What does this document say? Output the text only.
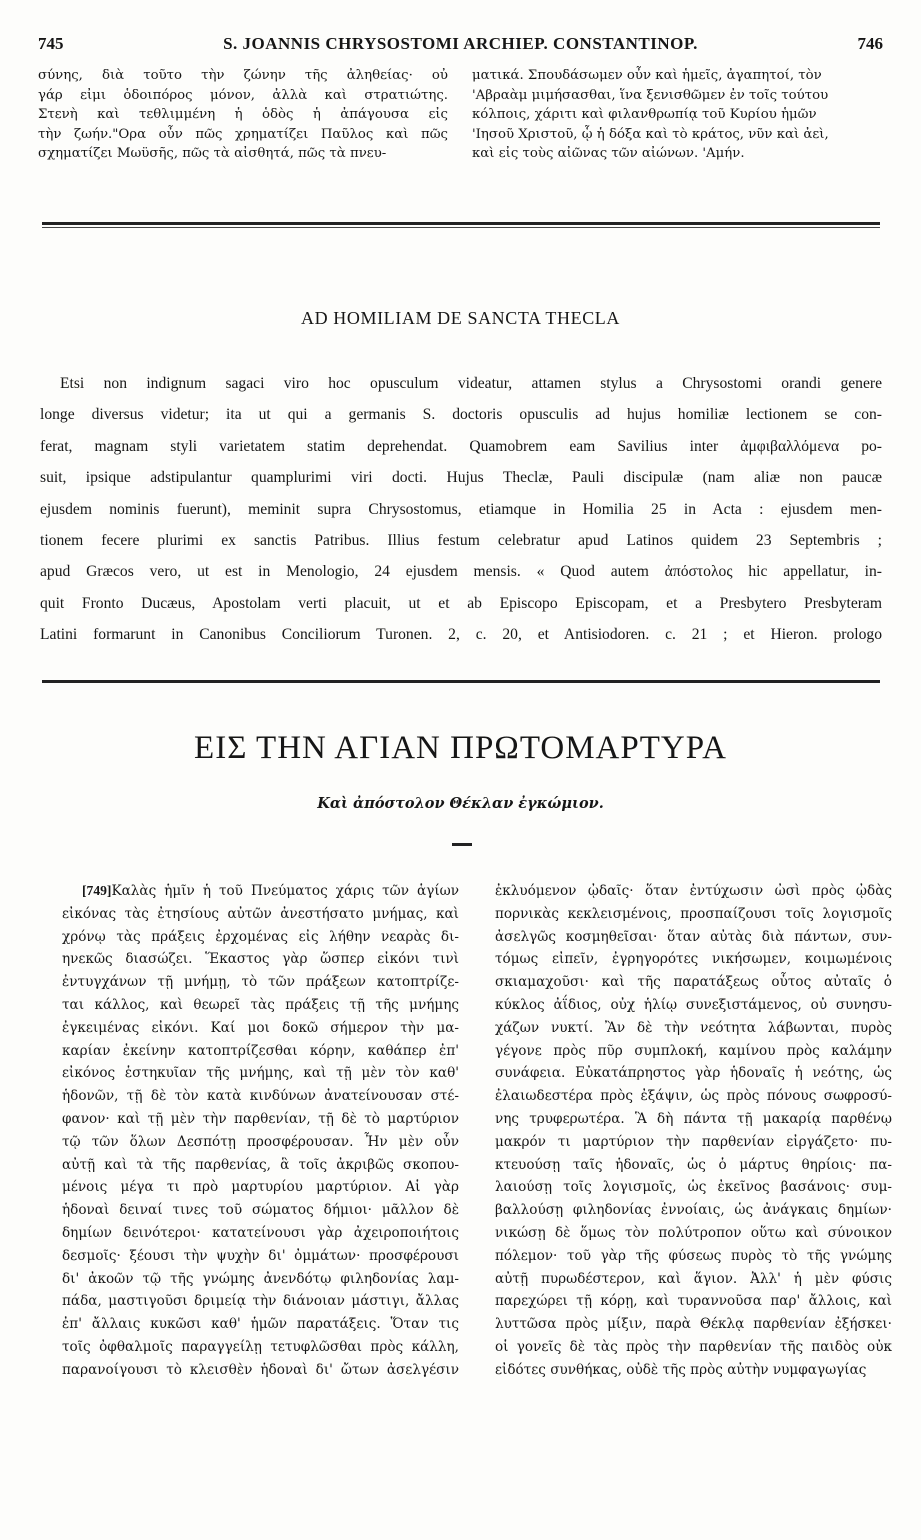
745	S. JOANNIS CHRYSOSTOMI ARCHIEP. CONSTANTINOP.	746
σύνης, διὰ τοῦτο τὴν ζώνην τῆς ἀληθείας· οὐ
γάρ εἰμι ὁδοιπόρος μόνον, ἀλλὰ καὶ στρατιώτης.
Στενὴ καὶ τεθλιμμένη ἡ ὁδὸς ἡ ἀπάγουσα εἰς
τὴν ζωήν."Ορα οὖν πῶς χρηματίζει Παῦλος καὶ πῶς
σχηματίζει Μωϋσῆς, πῶς τὰ αἰσθητά, πῶς τὰ πνευ-
ματικά. Σπουδάσωμεν οὖν καὶ ἡμεῖς, ἀγαπητοί, τὸν
'Αβραὰμ μιμήσασθαι, ἵνα ξενισθῶμεν ἐν τοῖς τούτου
κόλποις, χάριτι καὶ φιλανθρωπίᾳ τοῦ Κυρίου ἡμῶν
'Ιησοῦ Χριστοῦ, ᾧ ἡ δόξα καὶ τὸ κράτος, νῦν καὶ ἀεὶ,
καὶ εἰς τοὺς αἰῶνας τῶν αἰώνων. 'Αμήν.
AD HOMILIAM DE SANCTA THECLA
Etsi non indignum sagaci viro hoc opusculum videatur, attamen stylus a Chrysostomi orandi genere
longe diversus videtur; ita ut qui a germanis S. doctoris opusculis ad hujus homiliæ lectionem se con-
ferat, magnam styli varietatem statim deprehendat. Quamobrem eam Savilius inter ἀμφιβαλλόμενα po-
suit, ipsique adstipulantur quamplurimi viri docti. Hujus Theclæ, Pauli discipulæ (nam aliæ non paucæ
ejusdem nominis fuerunt), meminit supra Chrysostomus, etiamque in Homilia 25 in Acta : ejusdem men-
tionem fecere plurimi ex sanctis Patribus. Illius festum celebratur apud Latinos quidem 23 Septembris ;
apud Græcos vero, ut est in Menologio, 24 ejusdem mensis. « Quod autem ἀπόστολος hic appellatur, in-
quit Fronto Ducæus, Apostolam verti placuit, ut et ab Episcopo Episcopam, et a Presbytero Presbyteram
Latini formarunt in Canonibus Conciliorum Turonen. 2, c. 20, et Antisiodoren. c. 21 ; et Hieron. prologo
ΕΙΣ ΤΗΝ ΑΓΙΑΝ ΠΡΩΤΟΜΑΡΤΥΡΑ
Καὶ ἀπόστολον Θέκλαν ἐγκώμιον.
[749]Καλὰς ἡμῖν ἡ τοῦ Πνεύματος χάρις τῶν ἁγίων
εἰκόνας τὰς ἐτησίους αὐτῶν ἀνεστήσατο μνήμας, καὶ
χρόνῳ τὰς πράξεις ἐρχομένας εἰς λήθην νεαρὰς δι-
ηνεκῶς διασώζει. Ἕκαστος γὰρ ὥσπερ εἰκόνι τινὶ
ἐντυγχάνων τῇ μνήμῃ, τὸ τῶν πράξεων κατοπτρίζε-
ται κάλλος, καὶ θεωρεῖ τὰς πράξεις τῇ τῆς μνήμης
ἐγκειμένας εἰκόνι. Καί μοι δοκῶ σήμερον τὴν μα-
καρίαν ἐκείνην κατοπτρίζεσθαι κόρην, καθάπερ ἐπ'
εἰκόνος ἑστηκυῖαν τῆς μνήμης, καὶ τῇ μὲν τὸν καθ'
ἡδονῶν, τῇ δὲ τὸν κατὰ κινδύνων ἀνατείνουσαν στέ-
φανον· καὶ τῇ μὲν τὴν παρθενίαν, τῇ δὲ τὸ μαρτύριον
τῷ τῶν ὅλων Δεσπότῃ προσφέρουσαν. Ἦν μὲν οὖν
αὐτῇ καὶ τὰ τῆς παρθενίας, ἃ τοῖς ἀκριβῶς σκοπου-
μένοις μέγα τι πρὸ μαρτυρίου μαρτύριον. Αἱ γὰρ
ἡδοναὶ δειναί τινες τοῦ σώματος δήμιοι· μᾶλλον δὲ
δημίων δεινότεροι· κατατείνουσι γὰρ ἀχειροποιήτοις
δεσμοῖς· ξέουσι τὴν ψυχὴν δι' ὀμμάτων· προσφέρουσι
δι' ἀκοῶν τῷ τῆς γνώμης ἀνενδότῳ φιληδονίας λαμ-
πάδα, μαστιγοῦσι δριμείᾳ τὴν διάνοιαν μάστιγι, ἄλλας
ἐπ' ἄλλαις κυκῶσι καθ' ἡμῶν παρατάξεις. Ὅταν τις
τοῖς ὀφθαλμοῖς παραγγείλῃ τετυφλῶσθαι πρὸς κάλλη,
παρανοίγουσι τὸ κλεισθὲν ἡδοναὶ δι' ὤτων ἀσελγέσιν
ἐκλυόμενον ᾠδαῖς· ὅταν ἐντύχωσιν ὠσὶ πρὸς ᾠδὰς
πορνικὰς κεκλεισμένοις, προσπαίζουσι τοῖς λογισμοῖς
ἀσελγῶς κοσμηθεῖσαι· ὅταν αὐτὰς διὰ πάντων, συν-
τόμως εἰπεῖν, ἐγρηγορότες νικήσωμεν, κοιμωμένοις
σκιαμαχοῦσι· καὶ τῆς παρατάξεως οὗτος αὐταῖς ὁ
κύκλος ἀΐδιος, οὐχ ἡλίῳ συνεξιστάμενος, οὐ συνησυ-
χάζων νυκτί. Ἂν δὲ τὴν νεότητα λάβωνται, πυρὸς
γέγονε πρὸς πῦρ συμπλοκή, καμίνου πρὸς καλάμην
συνάφεια. Εὐκατάπρηστος γὰρ ἡδοναῖς ἡ νεότης, ὡς
ἐλαιωδεστέρα πρὸς ἐξάψιν, ὡς πρὸς πόνους σωφροσύ-
νης τρυφερωτέρα. Ἃ δὴ πάντα τῇ μακαρίᾳ παρθένῳ
μακρόν τι μαρτύριον τὴν παρθενίαν εἰργάζετο· πυ-
κτευούσῃ ταῖς ἡδοναῖς, ὡς ὁ μάρτυς θηρίοις· πα-
λαιούσῃ τοῖς λογισμοῖς, ὡς ἐκεῖνος βασάνοις· συμ-
βαλλούσῃ φιληδονίας ἐννοίαις, ὡς ἀνάγκαις δημίων·
νικώσῃ δὲ ὅμως τὸν πολύτροπον οὕτω καὶ σύνοικον
πόλεμον· τοῦ γὰρ τῆς φύσεως πυρὸς τὸ τῆς γνώμης
αὐτῇ πυρωδέστερον, καὶ ἅγιον. Ἀλλ' ἡ μὲν φύσις
παρεχώρει τῇ κόρῃ, καὶ τυραννοῦσα παρ' ἄλλοις, καὶ
λυττῶσα πρὸς μίξιν, παρὰ Θέκλᾳ παρθενίαν ἐξήσκει·
οἱ γονεῖς δὲ τὰς πρὸς τὴν παρθενίαν τῆς παιδὸς οὐκ
εἰδότες συνθήκας, οὐδὲ τῆς πρὸς αὐτὴν νυμφαγωγίας
